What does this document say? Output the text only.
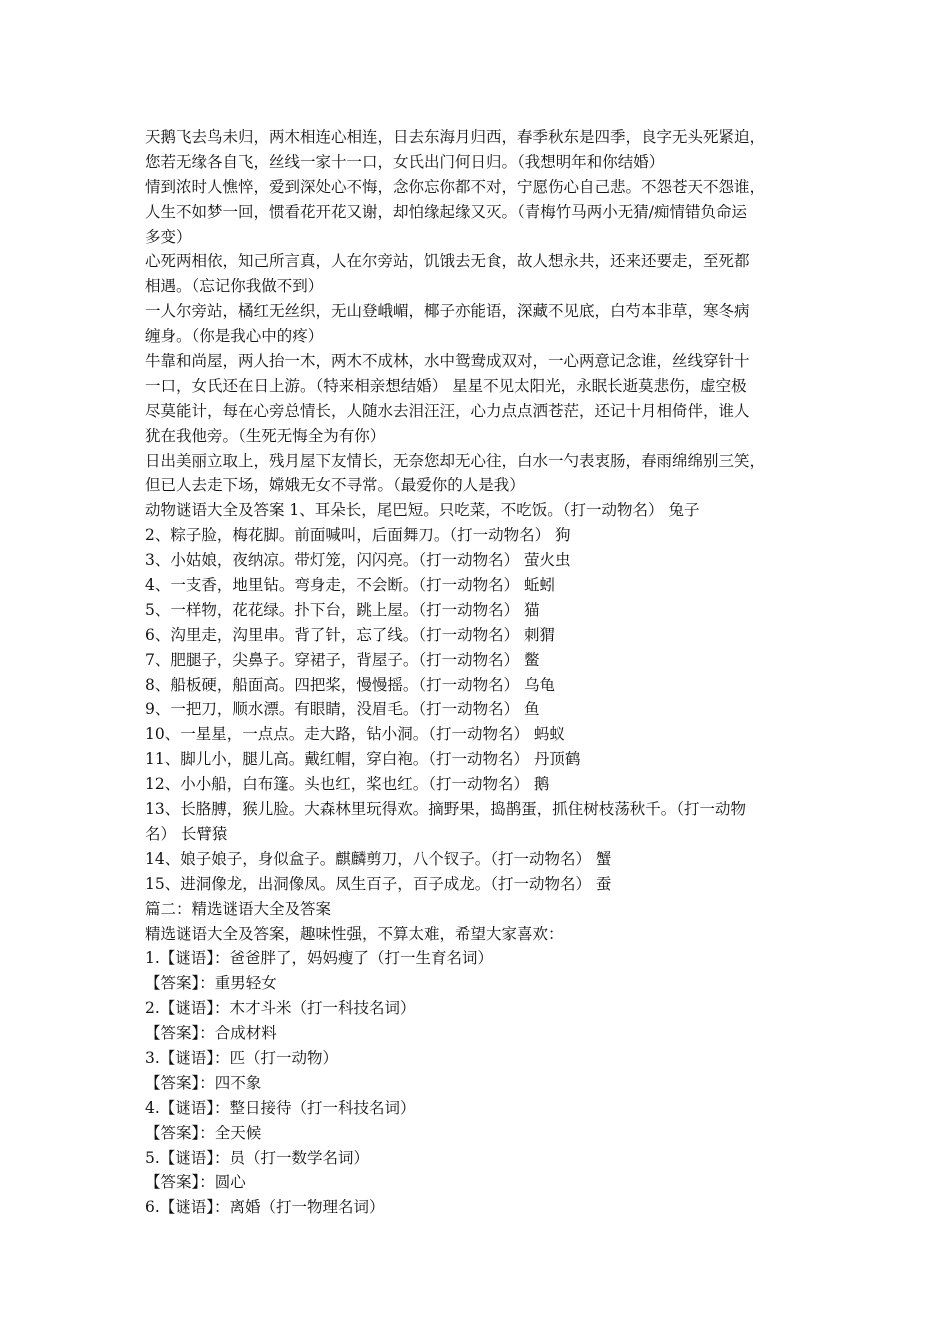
天鹅飞去鸟未归，两木相连心相连，日去东海月归西，春季秋东是四季，良字无头死紧迫，
您若无缘各自飞，丝线一家十一口，女氏出门何日归。（我想明年和你结婚）
情到浓时人憔悴，爱到深处心不悔，念你忘你都不对，宁愿伤心自己悲。不怨苍天不怨谁，
人生不如梦一回，惯看花开花又谢，却怕缘起缘又灭。（青梅竹马两小无猜/痴情错负命运
多变）
心死两相依，知己所言真，人在尔旁站，饥饿去无食，故人想永共，还来还要走，至死都
相遇。（忘记你我做不到）
一人尔旁站，橘红无丝织，无山登峨嵋，椰子亦能语，深藏不见底，白芍本非草，寒冬病
缠身。（你是我心中的疼）
牛靠和尚屋，两人抬一木，两木不成林，水中鸳鸯成双对，一心两意记念谁，丝线穿针十
一口，女氏还在日上游。（特来相亲想结婚） 星星不见太阳光，永眠长逝莫悲伤，虚空极
尽莫能计，每在心旁总情长，人随水去泪汪汪，心力点点洒苍茫，还记十月相倚伴，谁人
犹在我他旁。（生死无悔全为有你）
日出美丽立取上，残月屋下友情长，无奈您却无心往，白水一勺表衷肠，春雨绵绵别三笑，
但已人去走下场，嫦娥无女不寻常。（最爱你的人是我）
动物谜语大全及答案 1、耳朵长，尾巴短。只吃菜，不吃饭。（打一动物名） 兔子
2、粽子脸，梅花脚。前面喊叫，后面舞刀。（打一动物名） 狗
3、小姑娘，夜纳凉。带灯笼，闪闪亮。（打一动物名） 萤火虫
4、一支香，地里钻。弯身走，不会断。（打一动物名） 蚯蚓
5、一样物，花花绿。扑下台，跳上屋。（打一动物名） 猫
6、沟里走，沟里串。背了针，忘了线。（打一动物名） 刺猬
7、肥腿子，尖鼻子。穿裙子，背屋子。（打一动物名） 鳖
8、船板硬，船面高。四把桨，慢慢摇。（打一动物名） 乌龟
9、一把刀，顺水漂。有眼睛，没眉毛。（打一动物名） 鱼
10、一星星，一点点。走大路，钻小洞。（打一动物名） 蚂蚁
11、脚儿小，腿儿高。戴红帽，穿白袍。（打一动物名） 丹顶鹤
12、小小船，白布篷。头也红，桨也红。（打一动物名） 鹅
13、长胳膊，猴儿脸。大森林里玩得欢。摘野果，捣鹊蛋，抓住树枝荡秋千。（打一动物
名） 长臂猿
14、娘子娘子，身似盒子。麒麟剪刀，八个钗子。（打一动物名） 蟹
15、进洞像龙，出洞像凤。凤生百子，百子成龙。（打一动物名） 蚕
篇二：精选谜语大全及答案
精选谜语大全及答案，趣味性强，不算太难，希望大家喜欢：
1.【谜语】：爸爸胖了，妈妈瘦了（打一生育名词）
【答案】：重男轻女
2.【谜语】：木才斗米（打一科技名词）
【答案】：合成材料
3.【谜语】：匹（打一动物）
【答案】：四不象
4.【谜语】：整日接待（打一科技名词）
【答案】：全天候
5.【谜语】：员（打一数学名词）
【答案】：圆心
6.【谜语】：离婚（打一物理名词）
